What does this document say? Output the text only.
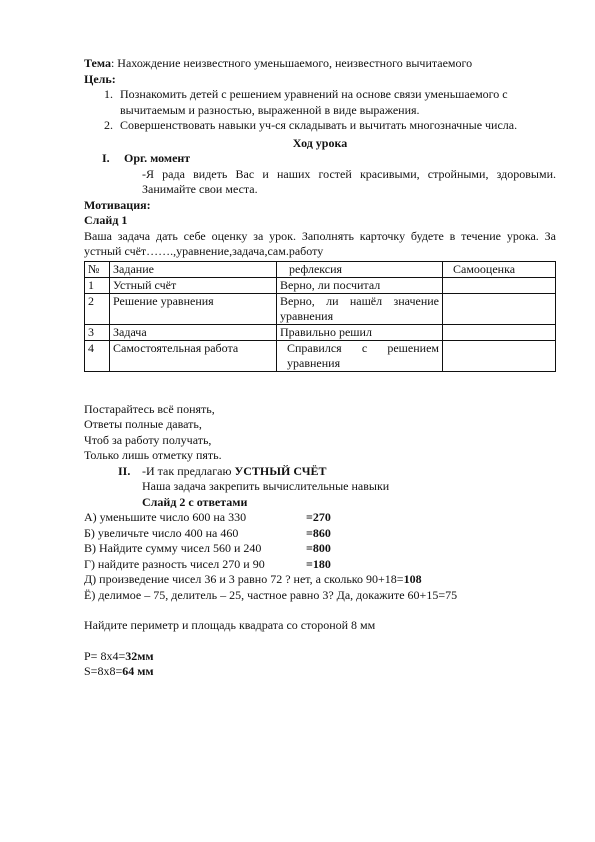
Тема: Нахождение неизвестного уменьшаемого, неизвестного вычитаемого
Цель:
1. Познакомить детей с решением уравнений на основе связи уменьшаемого с вычитаемым и разностью, выраженной в виде выражения.
2. Совершенствовать навыки уч-ся складывать и вычитать многозначные числа.
Ход урока
I.	Орг. момент
-Я рада видеть Вас и наших гостей красивыми, стройными, здоровыми. Занимайте свои места.
Мотивация:
Слайд 1
Ваша задача дать себе оценку за урок. Заполнять карточку будете в течение урока. За устный счёт…….,уравнение,задача,сам.работу
№	Задание	рефлексия	Самооценка
1	Устный счёт	Верно, ли посчитал	
2	Решение уравнения	Верно, ли нашёл значение уравнения	
3	Задача	Правильно решил	
4	Самостоятельная работа	Справился с решением уравнения	
Постарайтесь всё понять,
Ответы полные давать,
Чтоб за работу получать,
Только лишь отметку пять.
II. -И так предлагаю УСТНЫЙ СЧЁТ
Наша задача закрепить вычислительные навыки
Слайд 2 с ответами
А) уменьшите число 600 на 330	=270
Б) увеличьте число 400 на 460	=860
В) Найдите сумму чисел 560 и 240	=800
Г) найдите разность чисел 270 и 90	=180
Д) произведение чисел 36 и 3 равно 72 ? нет, а сколько 90+18=108
Ё) делимое – 75, делитель – 25, частное равно 3? Да, докажите 60+15=75
Найдите периметр и площадь квадрата со стороной 8 мм
P= 8х4=32мм
S=8х8=64 мм
